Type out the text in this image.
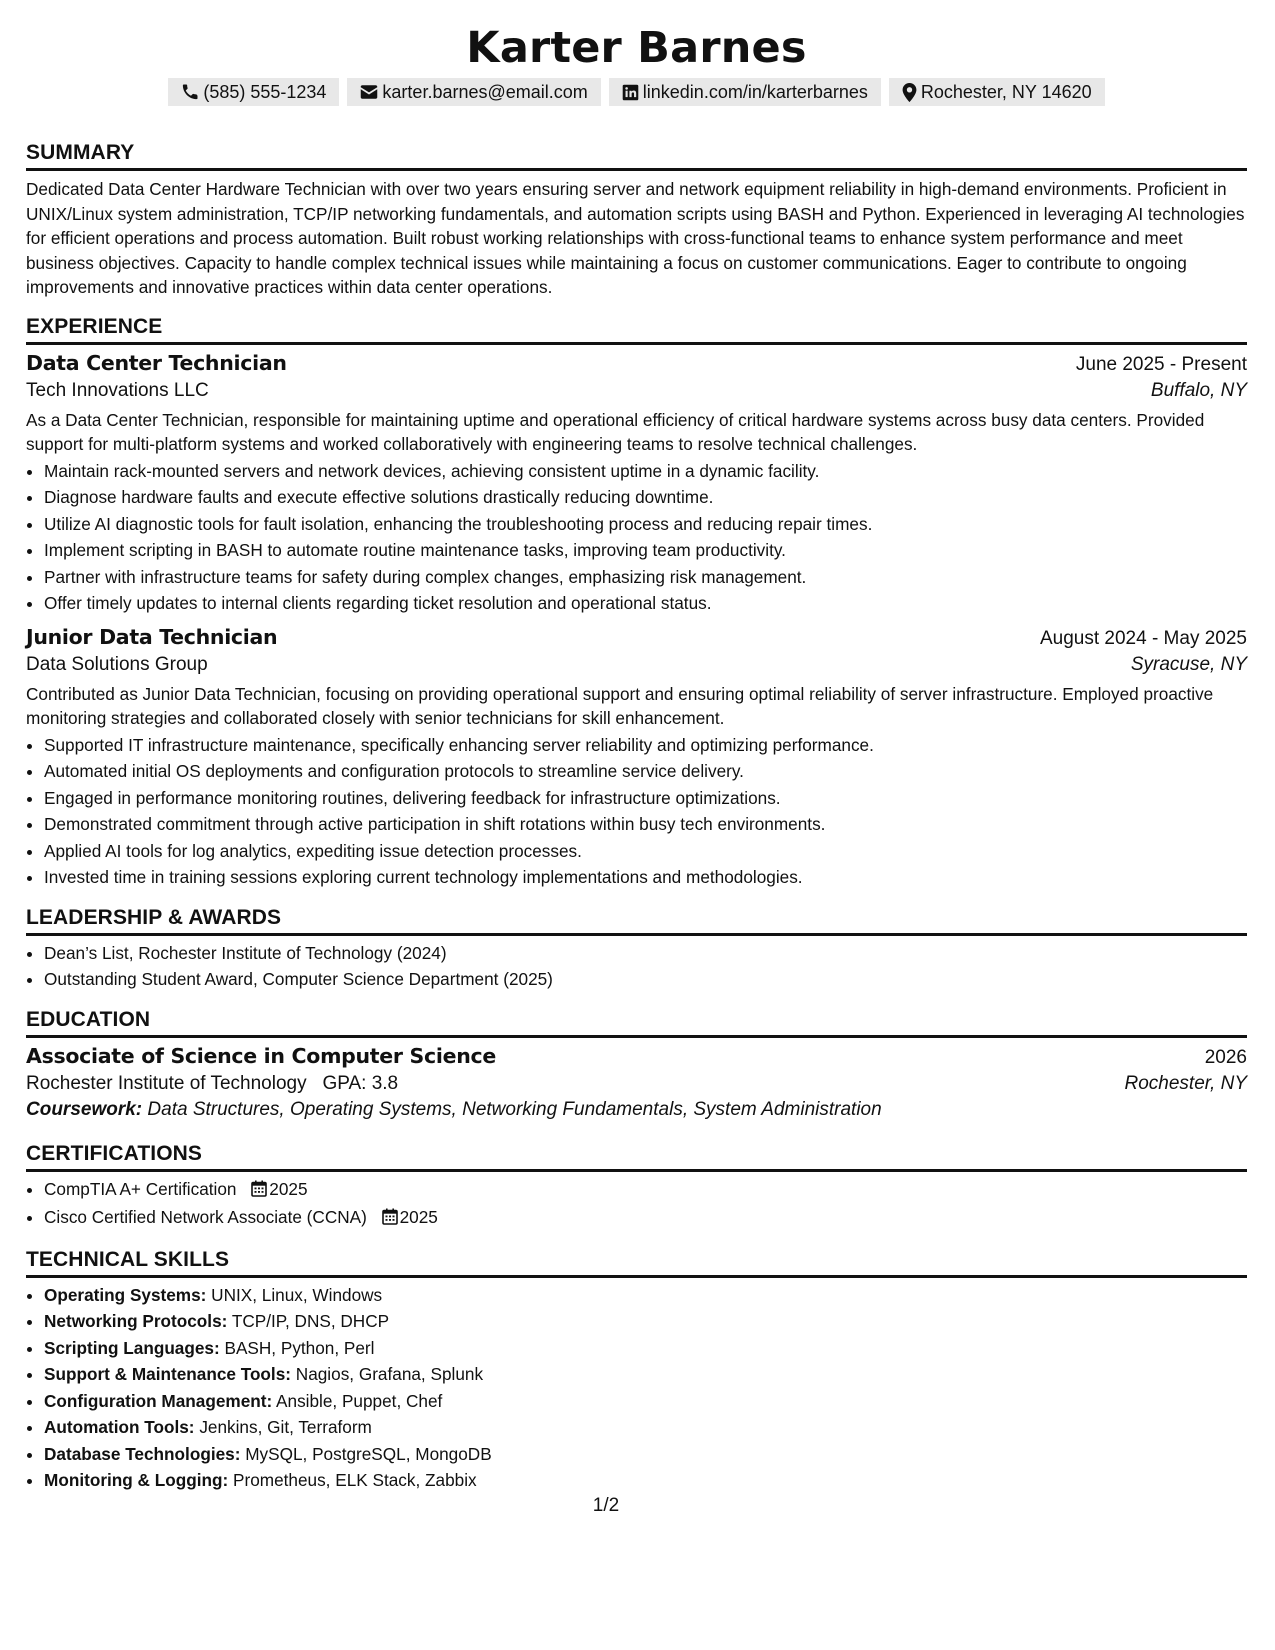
Karter Barnes
(585) 555-1234	karter.barnes@email.com	linkedin.com/in/karterbarnes	Rochester, NY 14620
SUMMARY
Dedicated Data Center Hardware Technician with over two years ensuring server and network equipment reliability in high-demand environments. Proficient in UNIX/Linux system administration, TCP/IP networking fundamentals, and automation scripts using BASH and Python. Experienced in leveraging AI technologies for efficient operations and process automation. Built robust working relationships with cross-functional teams to enhance system performance and meet business objectives. Capacity to handle complex technical issues while maintaining a focus on customer communications. Eager to contribute to ongoing improvements and innovative practices within data center operations.
EXPERIENCE
Data Center Technician	June 2025 - Present
Tech Innovations LLC	Buffalo, NY
As a Data Center Technician, responsible for maintaining uptime and operational efficiency of critical hardware systems across busy data centers. Provided support for multi-platform systems and worked collaboratively with engineering teams to resolve technical challenges.
• Maintain rack-mounted servers and network devices, achieving consistent uptime in a dynamic facility.
• Diagnose hardware faults and execute effective solutions drastically reducing downtime.
• Utilize AI diagnostic tools for fault isolation, enhancing the troubleshooting process and reducing repair times.
• Implement scripting in BASH to automate routine maintenance tasks, improving team productivity.
• Partner with infrastructure teams for safety during complex changes, emphasizing risk management.
• Offer timely updates to internal clients regarding ticket resolution and operational status.
Junior Data Technician	August 2024 - May 2025
Data Solutions Group	Syracuse, NY
Contributed as Junior Data Technician, focusing on providing operational support and ensuring optimal reliability of server infrastructure. Employed proactive monitoring strategies and collaborated closely with senior technicians for skill enhancement.
• Supported IT infrastructure maintenance, specifically enhancing server reliability and optimizing performance.
• Automated initial OS deployments and configuration protocols to streamline service delivery.
• Engaged in performance monitoring routines, delivering feedback for infrastructure optimizations.
• Demonstrated commitment through active participation in shift rotations within busy tech environments.
• Applied AI tools for log analytics, expediting issue detection processes.
• Invested time in training sessions exploring current technology implementations and methodologies.
LEADERSHIP & AWARDS
• Dean’s List, Rochester Institute of Technology (2024)
• Outstanding Student Award, Computer Science Department (2025)
EDUCATION
Associate of Science in Computer Science	2026
Rochester Institute of Technology GPA: 3.8	Rochester, NY
Coursework: Data Structures, Operating Systems, Networking Fundamentals, System Administration
CERTIFICATIONS
• CompTIA A+ Certification 2025
• Cisco Certified Network Associate (CCNA) 2025
TECHNICAL SKILLS
• Operating Systems: UNIX, Linux, Windows
• Networking Protocols: TCP/IP, DNS, DHCP
• Scripting Languages: BASH, Python, Perl
• Support & Maintenance Tools: Nagios, Grafana, Splunk
• Configuration Management: Ansible, Puppet, Chef
• Automation Tools: Jenkins, Git, Terraform
• Database Technologies: MySQL, PostgreSQL, MongoDB
• Monitoring & Logging: Prometheus, ELK Stack, Zabbix
1/2
